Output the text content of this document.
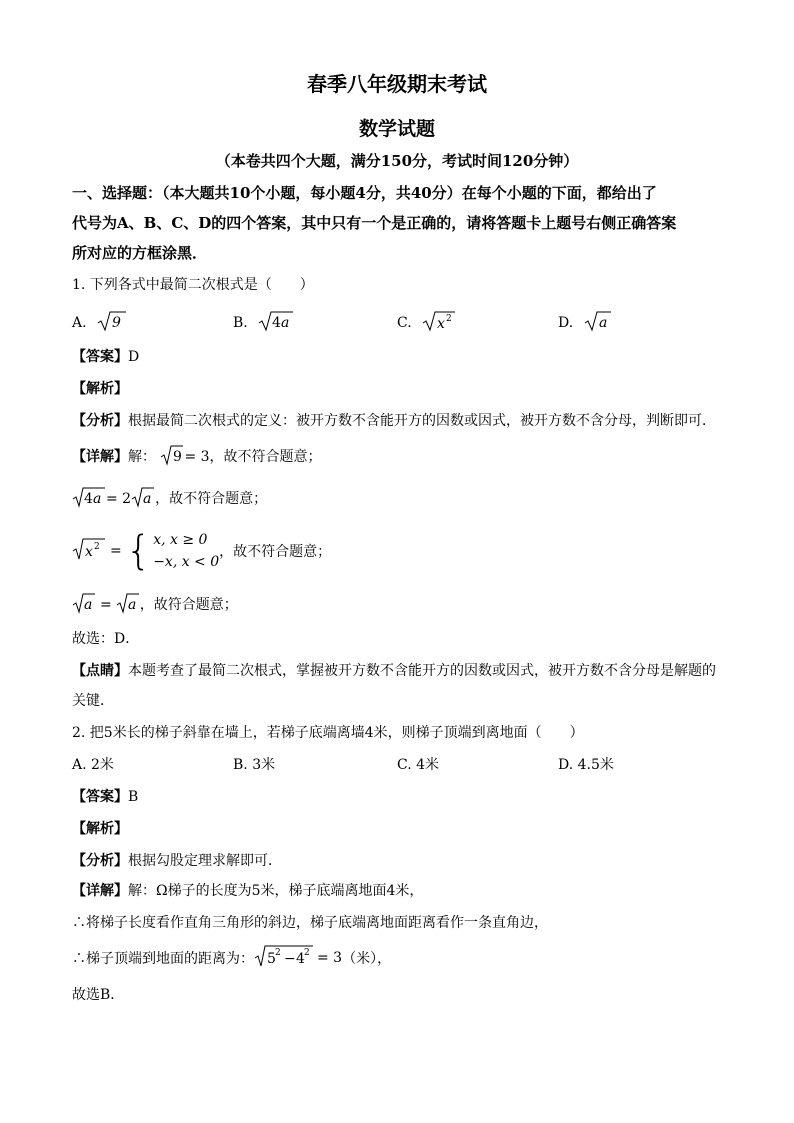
春季八年级期末考试
数学试题
（本卷共四个大题，满分150分，考试时间120分钟）
一、选择题：（本大题共10个小题，每小题4分，共40分）在每个小题的下面，都给出了
代号为A、B、C、D的四个答案，其中只有一个是正确的，请将答题卡上题号右侧正确答案
所对应的方框涂黑．
1. 下列各式中最简二次根式是（　　）
A. 9	B. 4 a	C. x 2	D. a
【答案】D
【解析】
【分析】根据最简二次根式的定义：被开方数不含能开方的因数或因式，被开方数不含分母，判断即可．
【详解】解： 9 = 3，故不符合题意；
4 a = 2 a ，故不符合题意；
x 2 = { x, x ≥ 0
−x, x < 0
，故不符合题意；
a = a ，故符合题意；
故选：D．
【点睛】本题考查了最简二次根式，掌握被开方数不含能开方的因数或因式，被开方数不含分母是解题的
关键．
2. 把5米长的梯子斜靠在墙上，若梯子底端离墙4米，则梯子顶端到离地面（　　）
A. 2米	B. 3米	C. 4米	D. 4.5米
【答案】B
【解析】
【分析】根据勾股定理求解即可．
【详解】解：Ω梯子的长度为5米，梯子底端离地面4米，
∴将梯子长度看作直角三角形的斜边，梯子底端离地面距离看作一条直角边，
∴梯子顶端到地面的距离为： 5 2 − 4 2 = 3 （米），
故选B．
